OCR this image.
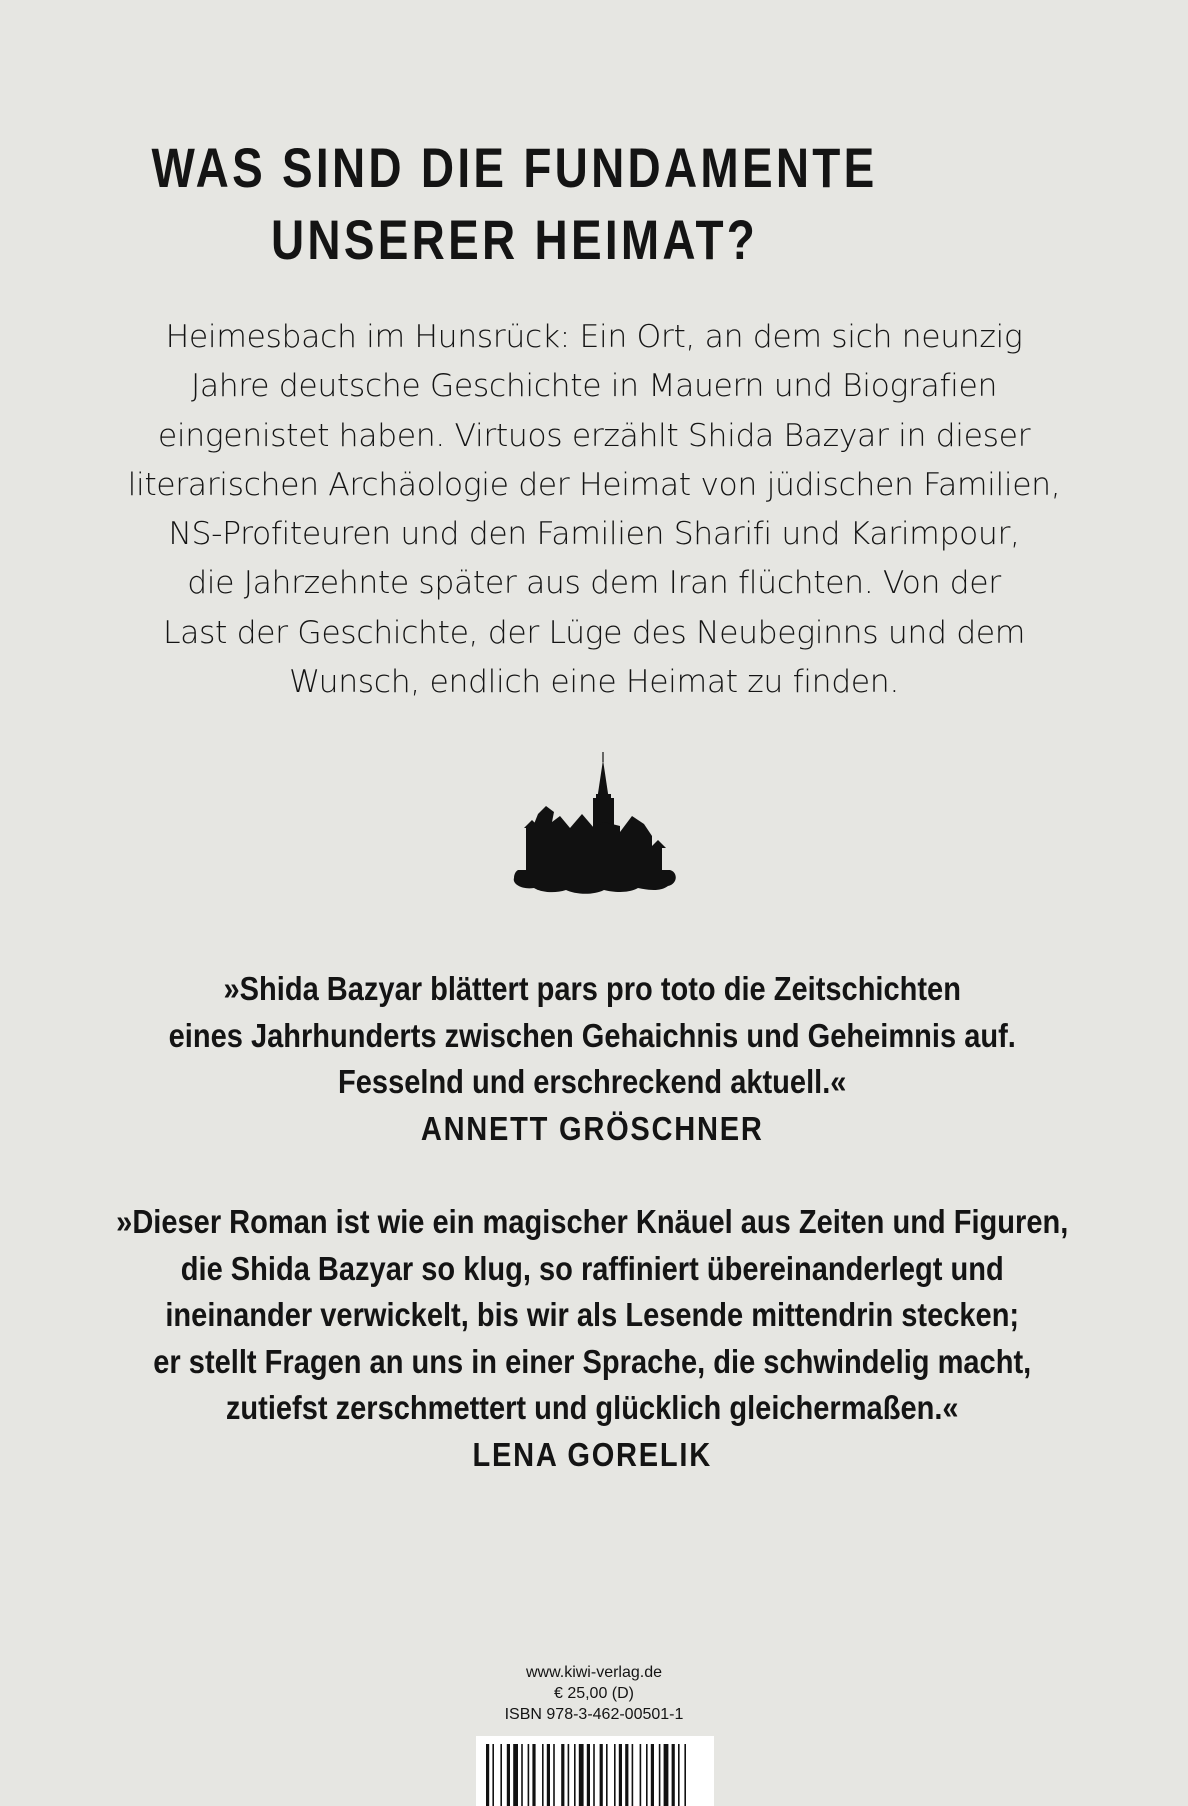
WAS SIND DIE FUNDAMENTE
UNSERER HEIMAT?
Heimesbach im Hunsrück: Ein Ort, an dem sich neunzig
Jahre deutsche Geschichte in Mauern und Biografien
eingenistet haben. Virtuos erzählt Shida Bazyar in dieser
literarischen Archäologie der Heimat von jüdischen Familien,
NS-Profiteuren und den Familien Sharifi und Karimpour,
die Jahrzehnte später aus dem Iran flüchten. Von der
Last der Geschichte, der Lüge des Neubeginns und dem
Wunsch, endlich eine Heimat zu finden.
»Shida Bazyar blättert pars pro toto die Zeitschichten
eines Jahrhunderts zwischen Gehaichnis und Geheimnis auf.
Fesselnd und erschreckend aktuell.«
ANNETT GRÖSCHNER
»Dieser Roman ist wie ein magischer Knäuel aus Zeiten und Figuren,
die Shida Bazyar so klug, so raffiniert übereinanderlegt und
ineinander verwickelt, bis wir als Lesende mittendrin stecken;
er stellt Fragen an uns in einer Sprache, die schwindelig macht,
zutiefst zerschmettert und glücklich gleichermaßen.«
LENA GORELIK
www.kiwi-verlag.de
€ 25,00 (D)
ISBN 978-3-462-00501-1
